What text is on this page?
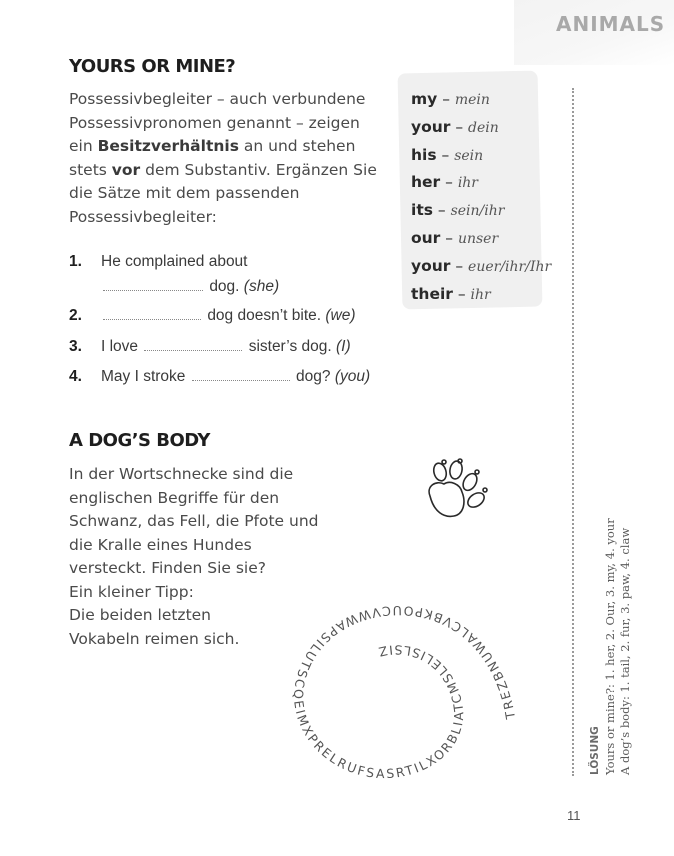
ANIMALS
YOURS OR MINE?
Possessivbegleiter – auch verbundene Possessivpronomen genannt – zeigen ein Besitzverhältnis an und stehen stets vor dem Substantiv. Ergänzen Sie die Sätze mit dem passenden Possessivbegleiter:
1. He complained about
dog. (she)
2.	dog doesn’t bite. (we)
3. I love	sister’s dog. (I)
4. May I stroke	dog? (you)
my – mein
your – dein
his – sein
her – ihr
its – sein/ihr
our – unser
your – euer/ihr/Ihr
their – ihr
A DOG’S BODY
In der Wortschnecke sind die
englischen Begriffe für den
Schwanz, das Fell, die Pfote und
die Kralle eines Hundes
versteckt. Finden Sie sie?
Ein kleiner Tipp:
Die beiden letzten
Vokabeln reimen sich.
TREZBNUWALCVBKPOUCVWWAPSILUTSCQEIMXPRELRUFSASRTILXORBLIATCMSLELISLSIZ
LÖSUNG Yours or mine?: 1. her, 2. Our, 3. my, 4. your A dog’s body: 1. tail, 2. fur, 3. paw, 4. claw
11
